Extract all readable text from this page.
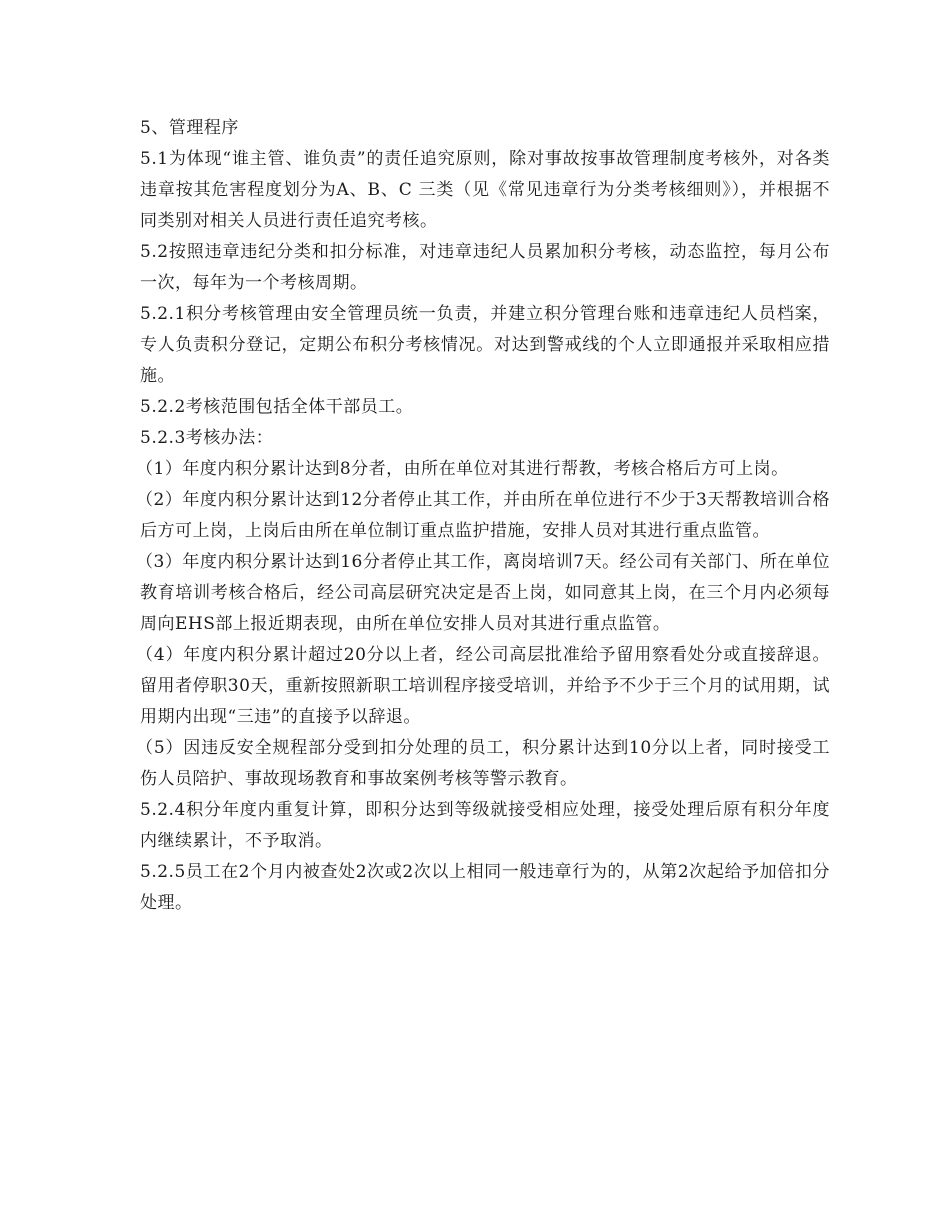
5、管理程序

5.1为体现“谁主管、谁负责”的责任追究原则，除对事故按事故管理制度考核外，对各类违章按其危害程度划分为A、B、C 三类（见《常见违章行为分类考核细则》），并根据不同类别对相关人员进行责任追究考核。

5.2按照违章违纪分类和扣分标准，对违章违纪人员累加积分考核，动态监控，每月公布一次，每年为一个考核周期。

5.2.1积分考核管理由安全管理员统一负责，并建立积分管理台账和违章违纪人员档案，专人负责积分登记，定期公布积分考核情况。对达到警戒线的个人立即通报并采取相应措施。

5.2.2考核范围包括全体干部员工。

5.2.3考核办法：

（1）年度内积分累计达到8分者，由所在单位对其进行帮教，考核合格后方可上岗。

（2）年度内积分累计达到12分者停止其工作，并由所在单位进行不少于3天帮教培训合格后方可上岗，上岗后由所在单位制订重点监护措施，安排人员对其进行重点监管。

（3）年度内积分累计达到16分者停止其工作，离岗培训7天。经公司有关部门、所在单位教育培训考核合格后，经公司高层研究决定是否上岗，如同意其上岗，在三个月内必须每周向EHS部上报近期表现，由所在单位安排人员对其进行重点监管。

（4）年度内积分累计超过20分以上者，经公司高层批准给予留用察看处分或直接辞退。留用者停职30天，重新按照新职工培训程序接受培训，并给予不少于三个月的试用期，试用期内出现“三违”的直接予以辞退。

（5）因违反安全规程部分受到扣分处理的员工，积分累计达到10分以上者，同时接受工伤人员陪护、事故现场教育和事故案例考核等警示教育。

5.2.4积分年度内重复计算，即积分达到等级就接受相应处理，接受处理后原有积分年度内继续累计，不予取消。

5.2.5员工在2个月内被查处2次或2次以上相同一般违章行为的，从第2次起给予加倍扣分处理。
